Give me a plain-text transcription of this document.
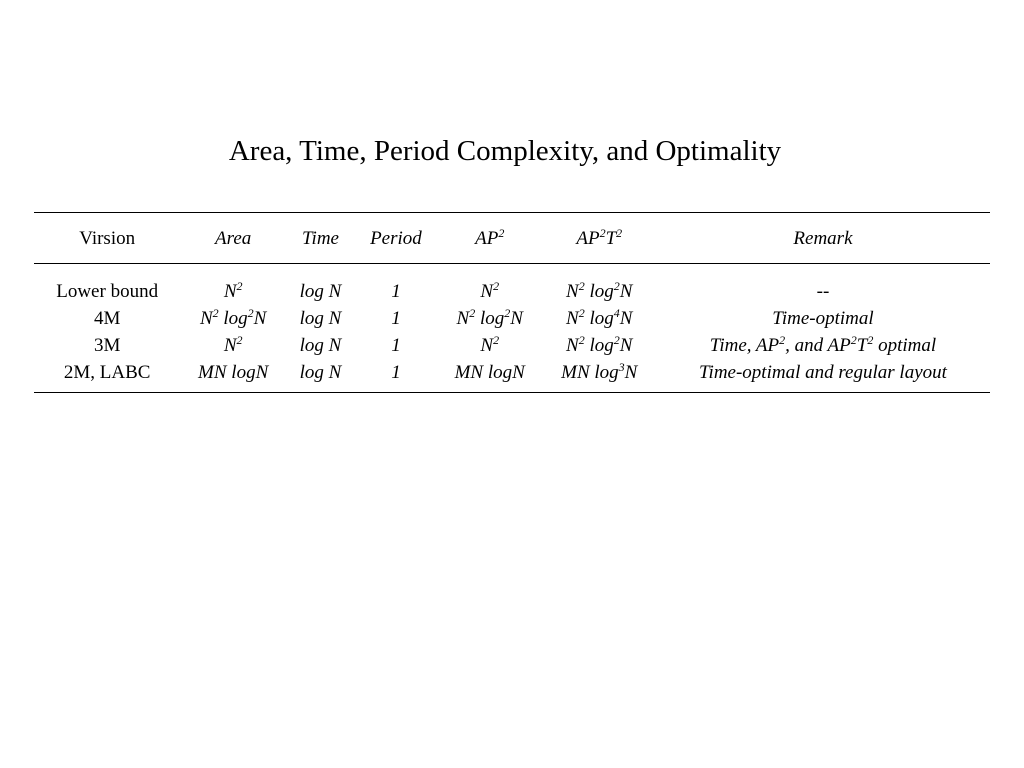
Area, Time, Period Complexity, and Optimality
Virsion	Area	Time	Period	$AP^2$	$AP^2T^2$	Remark
Lower bound	$N^2$	log N	1	$N^2$	$N^2$ $\log^2N$	--
4M	$N^2$ $\log^2N$	log N	1	$N^2$ $\log^2N$	$N^2$ $\log^4N$	Time-optimal
3M	$N^2$	log N	1	$N^2$	$N^2$ $\log^2N$	Time, $AP^2$, and $AP^2T^2$ optimal
2M, LABC	MN logN	log N	1	MN logN	MN $\log^3N$	Time-optimal and regular layout
